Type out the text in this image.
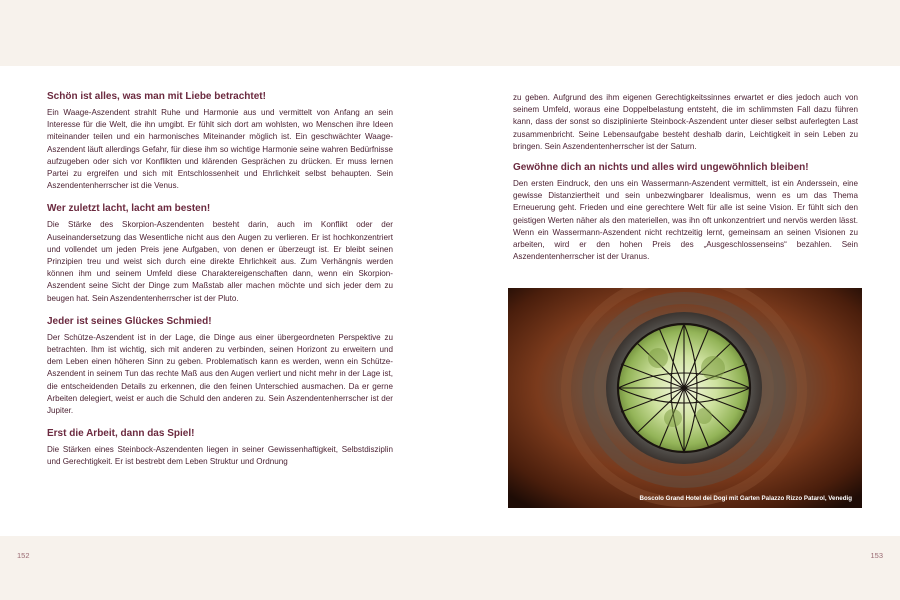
Schön ist alles, was man mit Liebe betrachtet!

Ein Waage-Aszendent strahlt Ruhe und Harmonie aus und vermittelt von Anfang an sein Interesse für die Welt, die ihn umgibt. Er fühlt sich dort am wohlsten, wo Menschen ihre Ideen miteinander teilen und ein harmonisches Miteinander möglich ist. Ein geschwächter Waage-Aszendent läuft allerdings Gefahr, für diese ihm so wichtige Harmonie seine wahren Bedürfnisse aufzugeben oder sich vor Konflikten und klärenden Gesprächen zu drücken. Er muss lernen Partei zu ergreifen und sich mit Entschlossenheit und Ehrlichkeit selbst behaupten. Sein Aszendentenherrscher ist die Venus.

Wer zuletzt lacht, lacht am besten!

Die Stärke des Skorpion-Aszendenten besteht darin, auch im Konflikt oder der Auseinandersetzung das Wesentliche nicht aus den Augen zu verlieren. Er ist hochkonzentriert und vollendet um jeden Preis jene Aufgaben, von denen er überzeugt ist. Er bleibt seinen Prinzipien treu und weist sich durch eine direkte Ehrlichkeit aus. Zum Verhängnis werden können ihm und seinem Umfeld diese Charaktereigenschaften dann, wenn ein Skorpion-Aszendent seine Sicht der Dinge zum Maßstab aller machen möchte und sich jeder dem zu beugen hat. Sein Aszendentenherrscher ist der Pluto.

Jeder ist seines Glückes Schmied!

Der Schütze-Aszendent ist in der Lage, die Dinge aus einer übergeordneten Perspektive zu betrachten. Ihm ist wichtig, sich mit anderen zu verbinden, seinen Horizont zu erweitern und dem Leben einen höheren Sinn zu geben. Problematisch kann es werden, wenn ein Schütze-Aszendent in seinem Tun das rechte Maß aus den Augen verliert und nicht mehr in der Lage ist, die entscheidenden Details zu erkennen, die den feinen Unterschied ausmachen. Da er gerne Arbeiten delegiert, weist er auch die Schuld den anderen zu. Sein Aszendentenherrscher ist der Jupiter.

Erst die Arbeit, dann das Spiel!

Die Stärken eines Steinbock-Aszendenten liegen in seiner Gewissenhaftigkeit, Selbstdisziplin und Gerechtigkeit. Er ist bestrebt dem Leben Struktur und Ordnung

zu geben. Aufgrund des ihm eigenen Gerechtigkeitssinnes erwartet er dies jedoch auch von seinem Umfeld, woraus eine Doppelbelastung entsteht, die im schlimmsten Fall dazu führen kann, dass der sonst so disziplinierte Steinbock-Aszendent unter dieser selbst auferlegten Last zusammenbricht. Seine Lebensaufgabe besteht deshalb darin, Leichtigkeit in sein Leben zu bringen. Sein Aszendentenherrscher ist der Saturn.

Gewöhne dich an nichts und alles wird ungewöhnlich bleiben!

Den ersten Eindruck, den uns ein Wassermann-Aszendent vermittelt, ist ein Anderssein, eine gewisse Distanziertheit und sein unbezwingbarer Idealismus, wenn es um das Thema Erneuerung geht. Frieden und eine gerechtere Welt für alle ist seine Vision. Er fühlt sich den geistigen Werten näher als den materiellen, was ihn oft unkonzentriert und nervös werden lässt. Wenn ein Wassermann-Aszendent nicht rechtzeitig lernt, gemeinsam an seinen Visionen zu arbeiten, wird er den hohen Preis des „Ausgeschlossenseins“ bezahlen. Sein Aszendentenherrscher ist der Uranus.

Boscolo Grand Hotel dei Dogi mit Garten Palazzo Rizzo Patarol, Venedig
152	153
